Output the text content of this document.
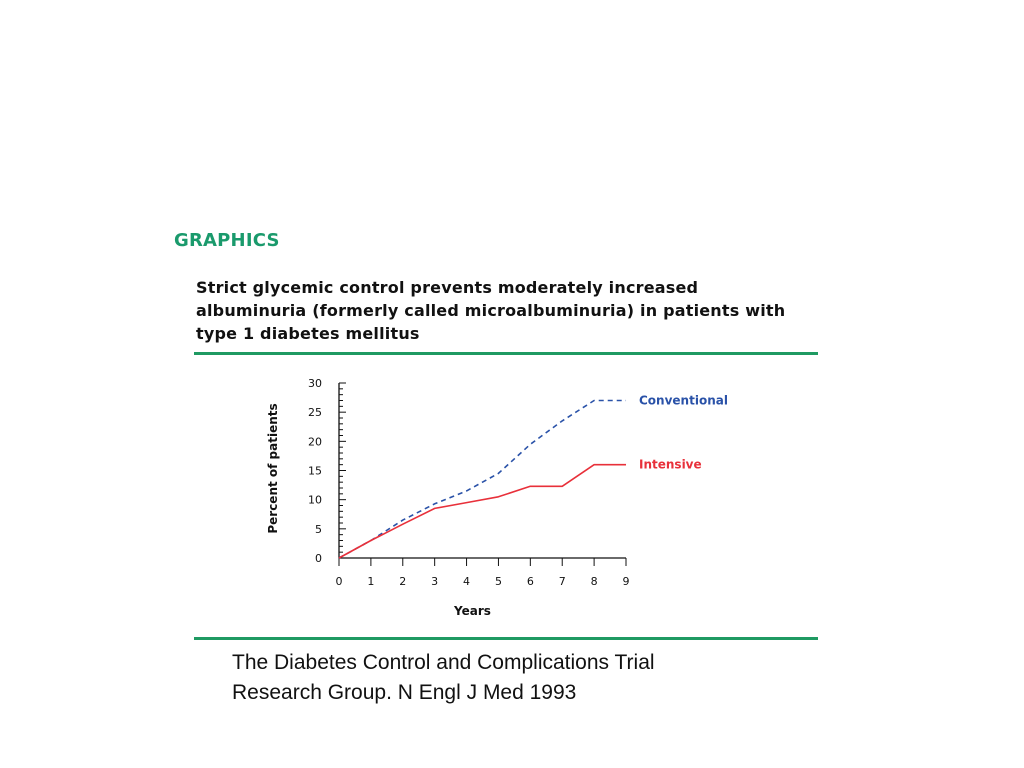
GRAPHICS
Strict glycemic control prevents moderately increased albuminuria (formerly called microalbuminuria) in patients with type 1 diabetes mellitus
0
5
10
15
20
25
30
0 1 2 3 4 5 6 7 8 9
Conventional
Intensive
Years
Percent of patients
The Diabetes Control and Complications Trial
Research Group. N Engl J Med 1993
